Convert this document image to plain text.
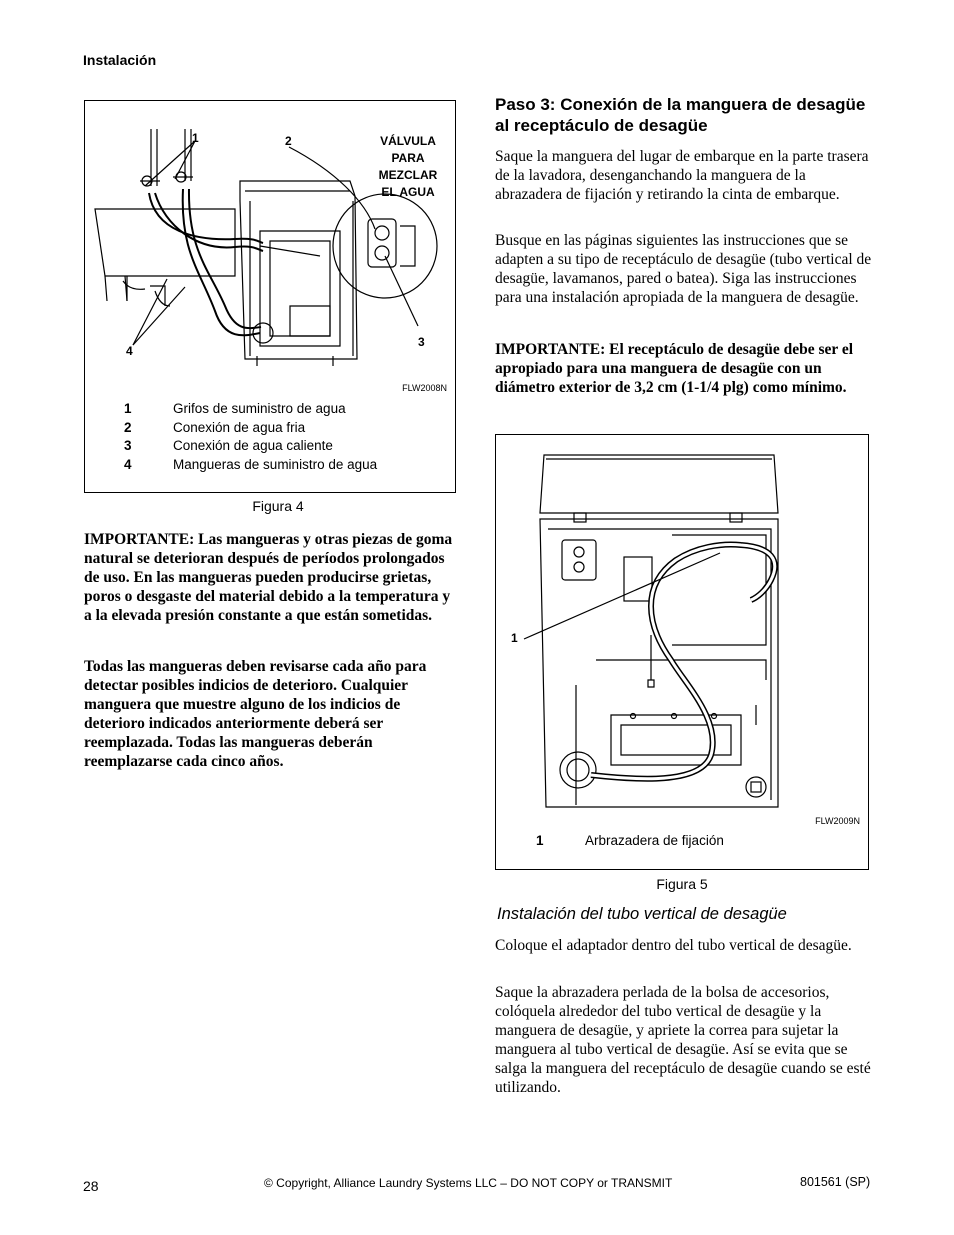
Instalación
1	2
3
4
VÁLVULA
PARA
MEZCLAR
EL AGUA
FLW2008N
1	Grifos de suministro de agua
2	Conexión de agua fria
3	Conexión de agua caliente
4	Mangueras de suministro de agua
Figura 4
IMPORTANTE: Las mangueras y otras piezas de goma natural se deterioran después de períodos prolongados de uso. En las mangueras pueden producirse grietas, poros o desgaste del material debido a la temperatura y a la elevada presión constante a que están sometidas.
Todas las mangueras deben revisarse cada año para detectar posibles indicios de deterioro. Cualquier manguera que muestre alguno de los indicios de deterioro indicados anteriormente deberá ser reemplazada. Todas las mangueras deberán reemplazarse cada cinco años.
Paso 3: Conexión de la manguera de desagüe al receptáculo de desagüe
Saque la manguera del lugar de embarque en la parte trasera de la lavadora, desenganchando la manguera de la abrazadera de fijación y retirando la cinta de embarque.
Busque en las páginas siguientes las instrucciones que se adapten a su tipo de receptáculo de desagüe (tubo vertical de desagüe, lavamanos, pared o batea). Siga las instrucciones para una instalación apropiada de la manguera de desagüe.
IMPORTANTE: El receptáculo de desagüe debe ser el apropiado para una manguera de desagüe con un diámetro exterior de 3,2 cm (1-1/4 plg) como mínimo.
1
FLW2009N
1	Arbrazadera de fijación
Figura 5
Instalación del tubo vertical de desagüe
Coloque el adaptador dentro del tubo vertical de desagüe.
Saque la abrazadera perlada de la bolsa de accesorios, colóquela alrededor del tubo vertical de desagüe y la manguera de desagüe, y apriete la correa para sujetar la manguera al tubo vertical de desagüe. Así se evita que se salga la manguera del receptáculo de desagüe cuando se esté utilizando.
28	© Copyright, Alliance Laundry Systems LLC – DO NOT COPY or TRANSMIT	801561 (SP)
